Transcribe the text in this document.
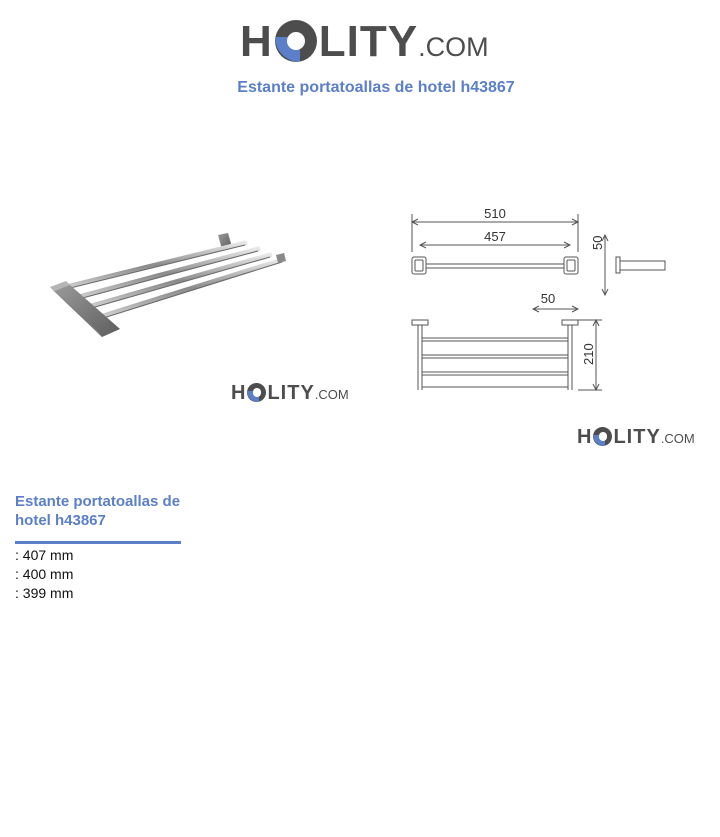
H LITY .COM
Estante portatoallas de hotel h43867
H LITY .COM
510
457	50
50
210
H LITY .COM
Estante portatoallas de hotel h43867
: 407 mm
: 400 mm
: 399 mm
